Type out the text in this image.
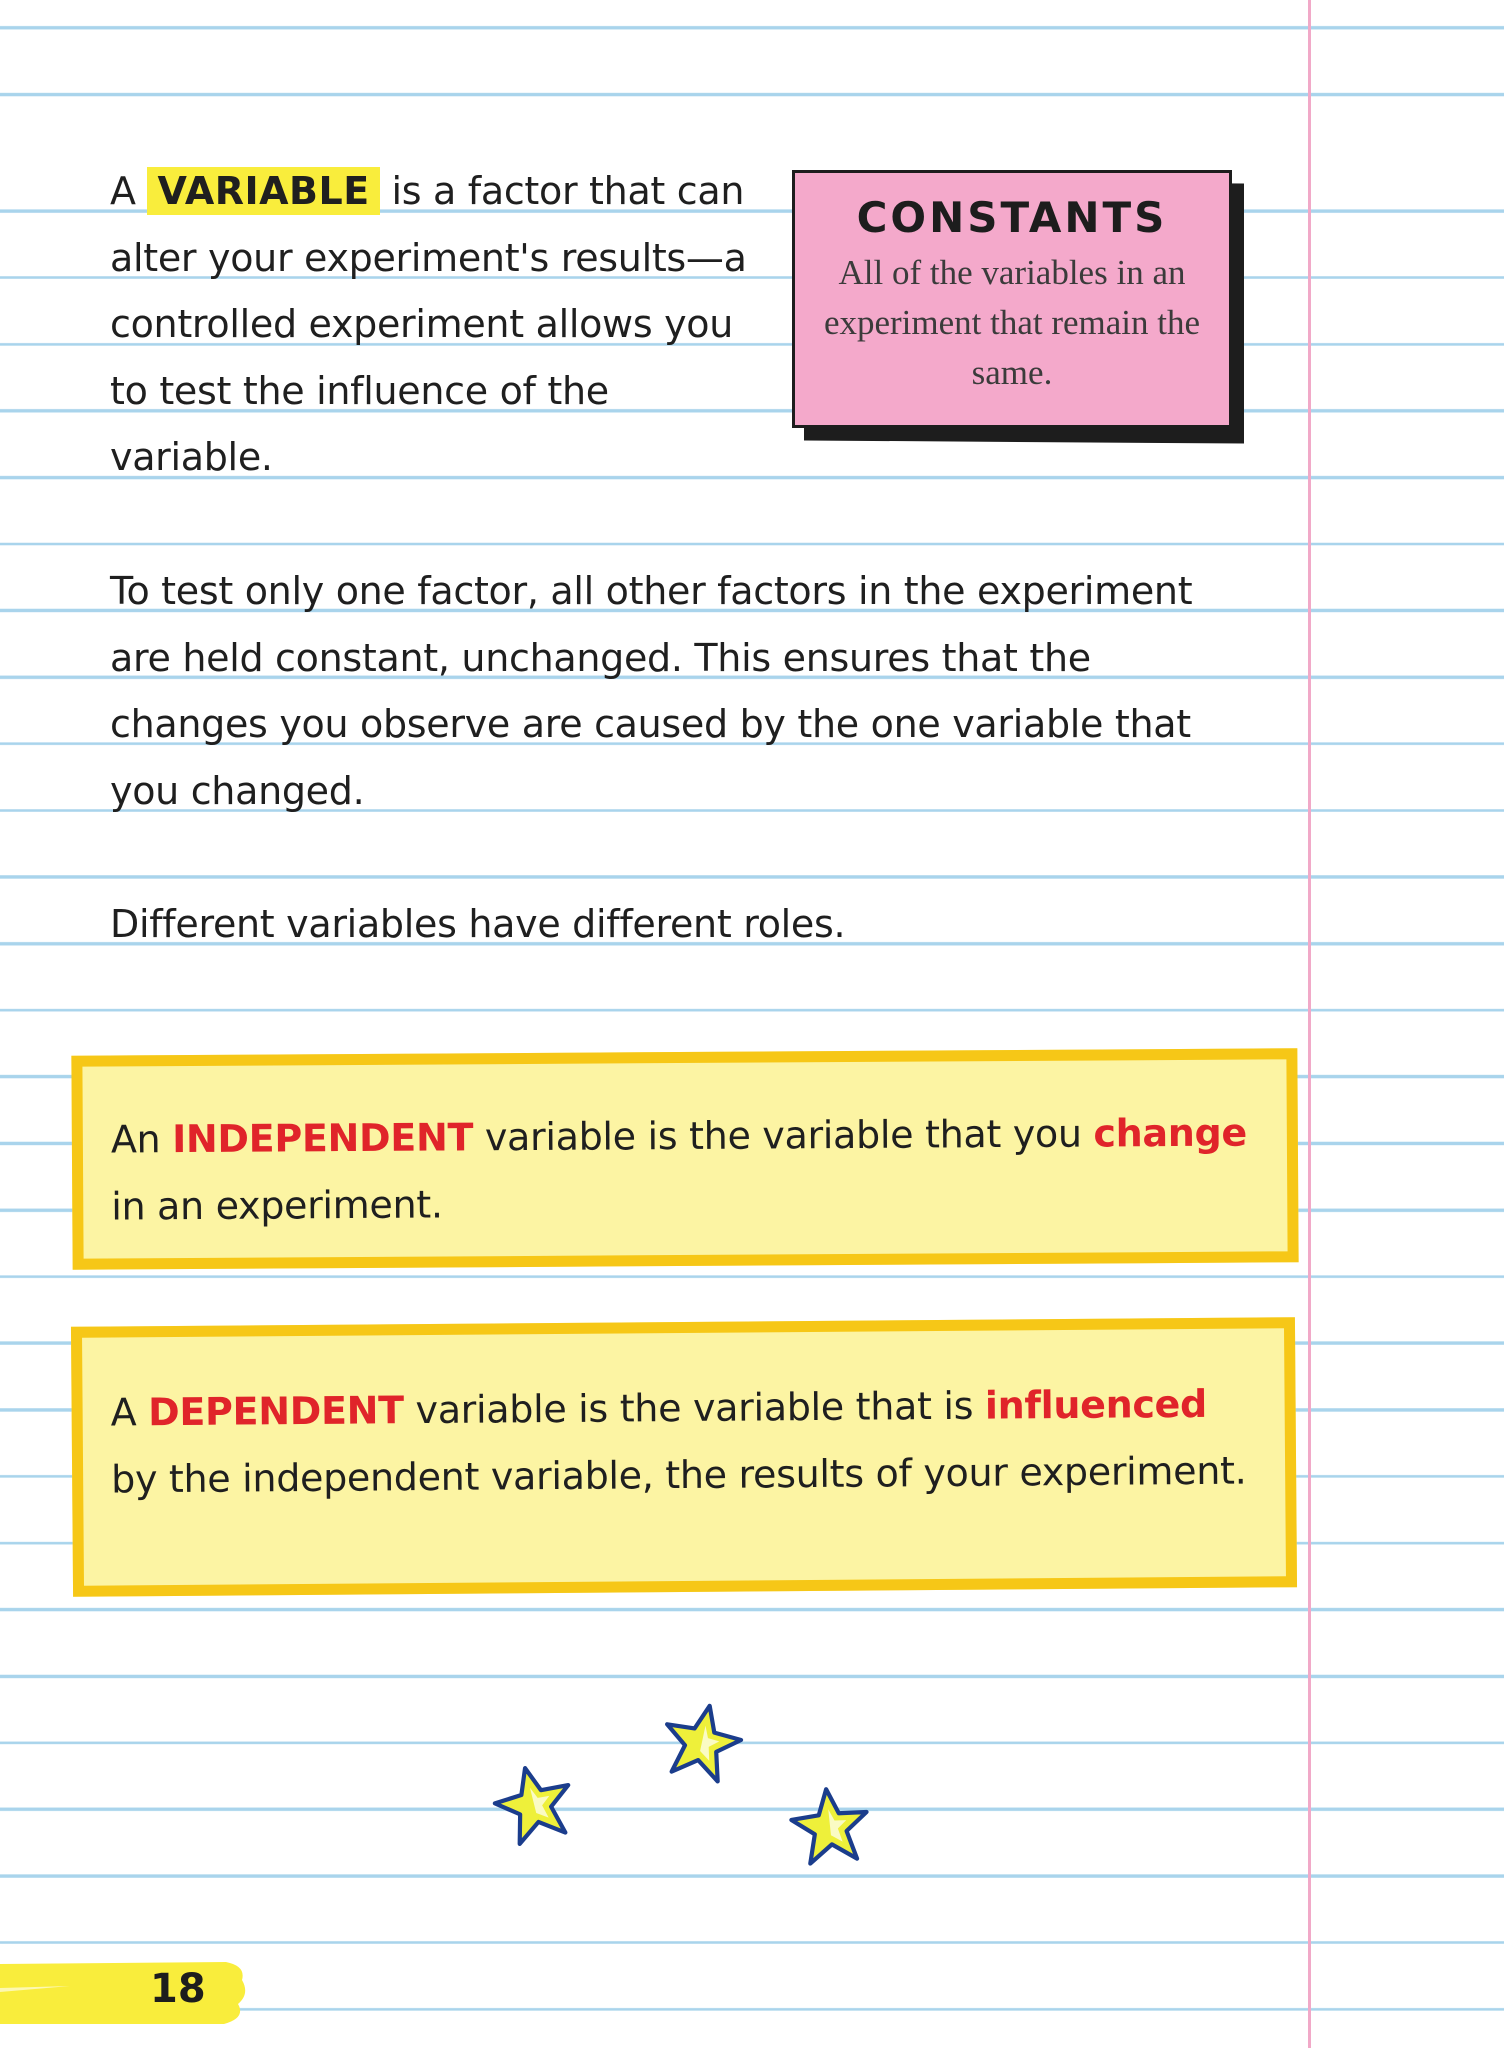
A VARIABLE is a factor that can alter your experiment's results—a controlled experiment allows you to test the influence of the variable.

CONSTANTS
All of the variables in an experiment that remain the same.

To test only one factor, all other factors in the experiment are held constant, unchanged. This ensures that the changes you observe are caused by the one variable that you changed.

Different variables have different roles.

An INDEPENDENT variable is the variable that you change in an experiment.
A DEPENDENT variable is the variable that is influenced by the independent variable, the results of your experiment.
18
